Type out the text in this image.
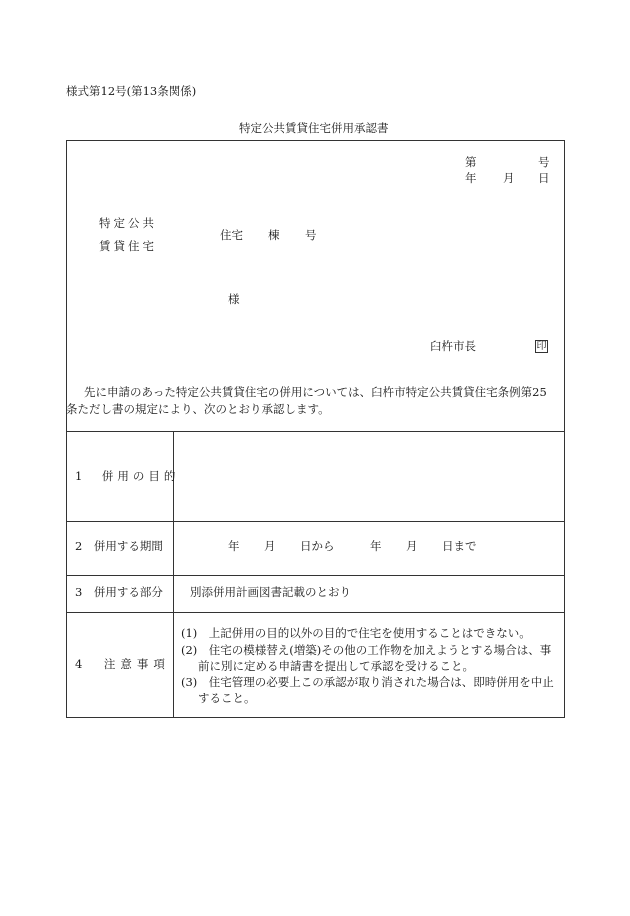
様式第12号(第13条関係)
特定公共賃貸住宅併用承認書
第	号
年 月 日
特定公共
賃貸住宅
住宅 棟 号
様
臼杵市長	印
先に申請のあった特定公共賃貸住宅の併用については、臼杵市特定公共賃貸住宅条例第25
条ただし書の規定により、次のとおり承認します。
1　併用の目的
2　併用する期間	年 月 日から	年 月 日まで
3　併用する部分 別添併用計画図書記載のとおり
4　注意事項
(1)　上記併用の目的以外の目的で住宅を使用することはできない。
(2)　住宅の模様替え(増築)その他の工作物を加えようとする場合は、事
前に別に定める申請書を提出して承認を受けること。
(3)　住宅管理の必要上この承認が取り消された場合は、即時併用を中止
すること。
